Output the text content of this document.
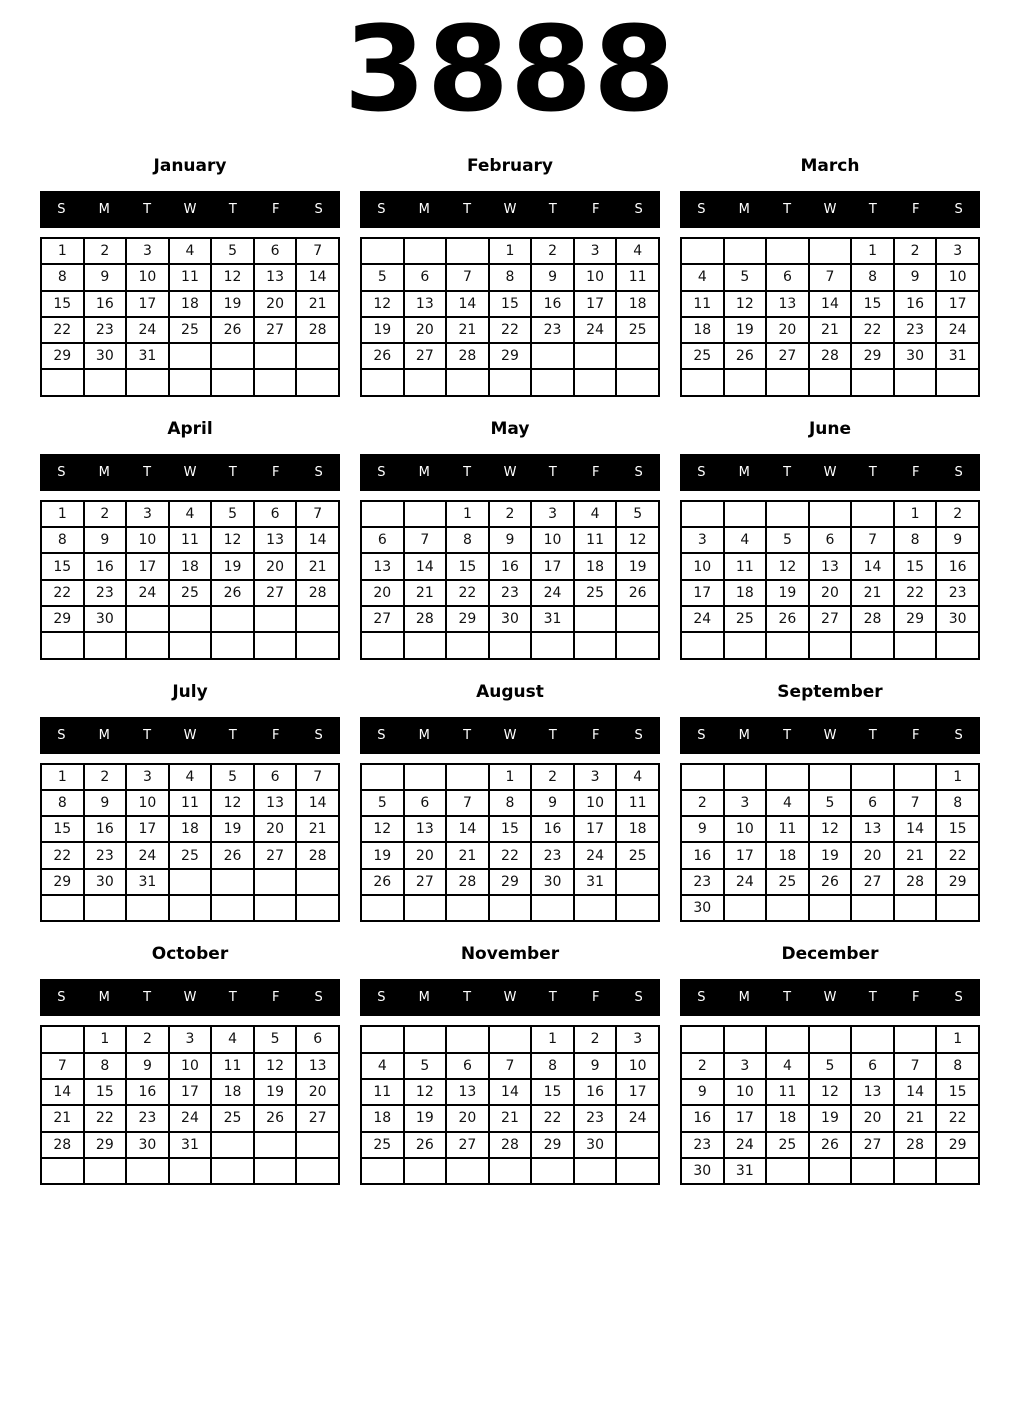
3888
January
S	M	T	W	T	F	S
1	2	3	4	5	6	7
8	9	10	11	12	13	14
15	16	17	18	19	20	21
22	23	24	25	26	27	28
29	30	31				

February
S	M	T	W	T	F	S
			1	2	3	4
5	6	7	8	9	10	11
12	13	14	15	16	17	18
19	20	21	22	23	24	25
26	27	28	29			

March
S	M	T	W	T	F	S
				1	2	3
4	5	6	7	8	9	10
11	12	13	14	15	16	17
18	19	20	21	22	23	24
25	26	27	28	29	30	31

April
S	M	T	W	T	F	S
1	2	3	4	5	6	7
8	9	10	11	12	13	14
15	16	17	18	19	20	21
22	23	24	25	26	27	28
29	30					

May
S	M	T	W	T	F	S
		1	2	3	4	5
6	7	8	9	10	11	12
13	14	15	16	17	18	19
20	21	22	23	24	25	26
27	28	29	30	31		

June
S	M	T	W	T	F	S
					1	2
3	4	5	6	7	8	9
10	11	12	13	14	15	16
17	18	19	20	21	22	23
24	25	26	27	28	29	30

July
S	M	T	W	T	F	S
1	2	3	4	5	6	7
8	9	10	11	12	13	14
15	16	17	18	19	20	21
22	23	24	25	26	27	28
29	30	31				

August
S	M	T	W	T	F	S
			1	2	3	4
5	6	7	8	9	10	11
12	13	14	15	16	17	18
19	20	21	22	23	24	25
26	27	28	29	30	31	

September
S	M	T	W	T	F	S
						1
2	3	4	5	6	7	8
9	10	11	12	13	14	15
16	17	18	19	20	21	22
23	24	25	26	27	28	29
30						
October
S	M	T	W	T	F	S
	1	2	3	4	5	6
7	8	9	10	11	12	13
14	15	16	17	18	19	20
21	22	23	24	25	26	27
28	29	30	31			

November
S	M	T	W	T	F	S
				1	2	3
4	5	6	7	8	9	10
11	12	13	14	15	16	17
18	19	20	21	22	23	24
25	26	27	28	29	30	

December
S	M	T	W	T	F	S
						1
2	3	4	5	6	7	8
9	10	11	12	13	14	15
16	17	18	19	20	21	22
23	24	25	26	27	28	29
30	31					
